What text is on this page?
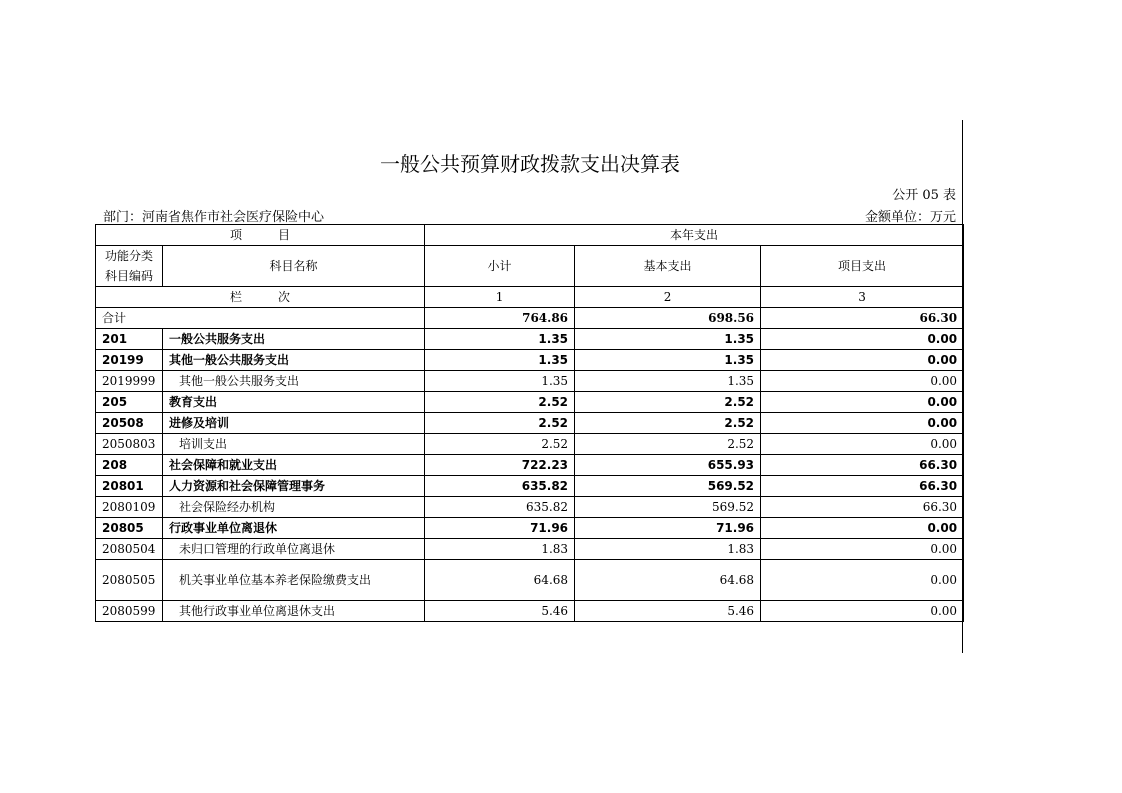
一般公共预算财政拨款支出决算表
公开 05 表
部门：河南省焦作市社会医疗保险中心	金额单位：万元
项　　　目		本年支出		
功能分类
科目编码	科目名称	小计	基本支出	项目支出
栏　　　次		1	2	3
合计		764.86	698.56	66.30
201	一般公共服务支出	1.35	1.35	0.00
20199	其他一般公共服务支出	1.35	1.35	0.00
2019999	其他一般公共服务支出	1.35	1.35	0.00
205	教育支出	2.52	2.52	0.00
20508	进修及培训	2.52	2.52	0.00
2050803	培训支出	2.52	2.52	0.00
208	社会保障和就业支出	722.23	655.93	66.30
20801	人力资源和社会保障管理事务	635.82	569.52	66.30
2080109	社会保险经办机构	635.82	569.52	66.30
20805	行政事业单位离退休	71.96	71.96	0.00
2080504	未归口管理的行政单位离退休	1.83	1.83	0.00
2080505	机关事业单位基本养老保险缴费支出	64.68	64.68	0.00
2080599	其他行政事业单位离退休支出	5.46	5.46	0.00
